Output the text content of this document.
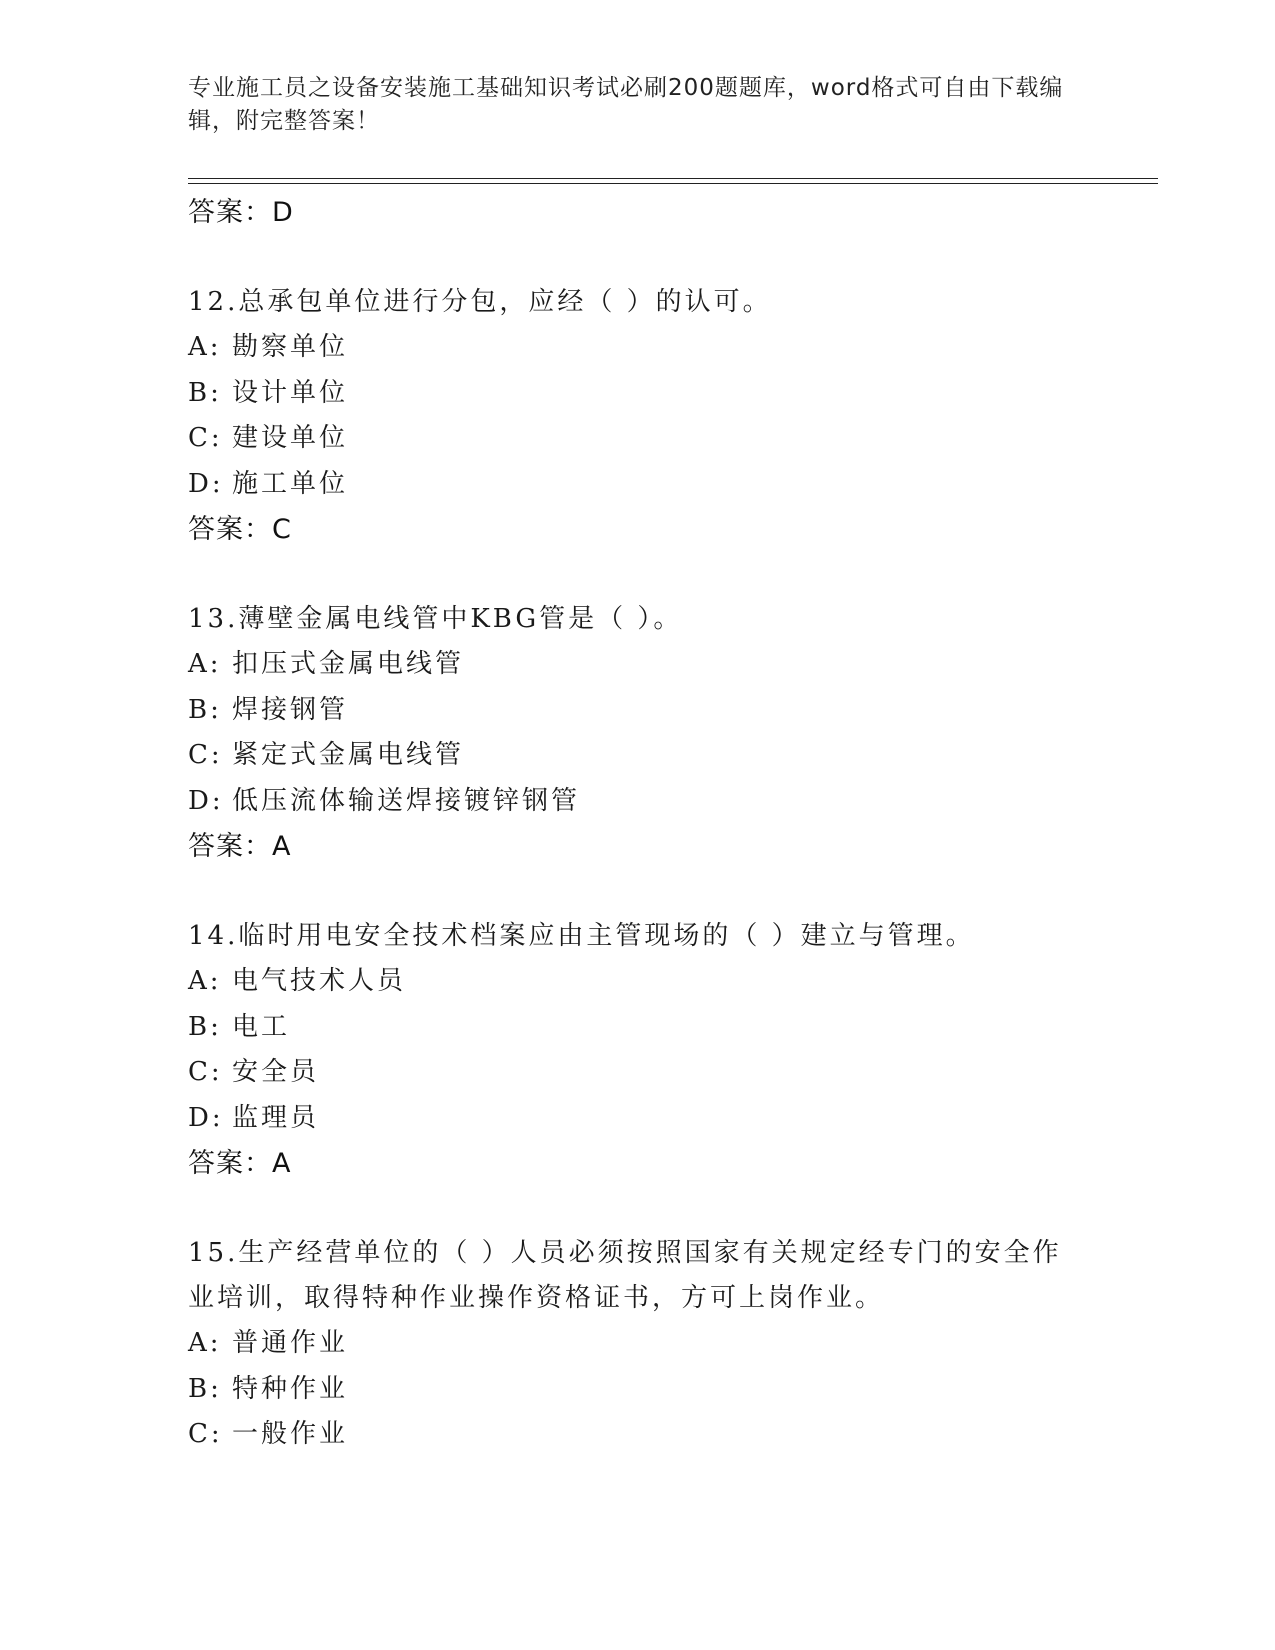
专业施工员之设备安装施工基础知识考试必刷200题题库，word格式可自由下载编辑，附完整答案！
答案：D
12.总承包单位进行分包，应经（ ）的认可。
A: 勘察单位
B: 设计单位
C: 建设单位
D: 施工单位
答案：C
13.薄壁金属电线管中KBG管是（ ）。
A: 扣压式金属电线管
B: 焊接钢管
C: 紧定式金属电线管
D: 低压流体输送焊接镀锌钢管
答案：A
14.临时用电安全技术档案应由主管现场的（ ）建立与管理。
A: 电气技术人员
B: 电工
C: 安全员
D: 监理员
答案：A
15.生产经营单位的（ ）人员必须按照国家有关规定经专门的安全作业培训，取得特种作业操作资格证书，方可上岗作业。
A: 普通作业
B: 特种作业
C: 一般作业
